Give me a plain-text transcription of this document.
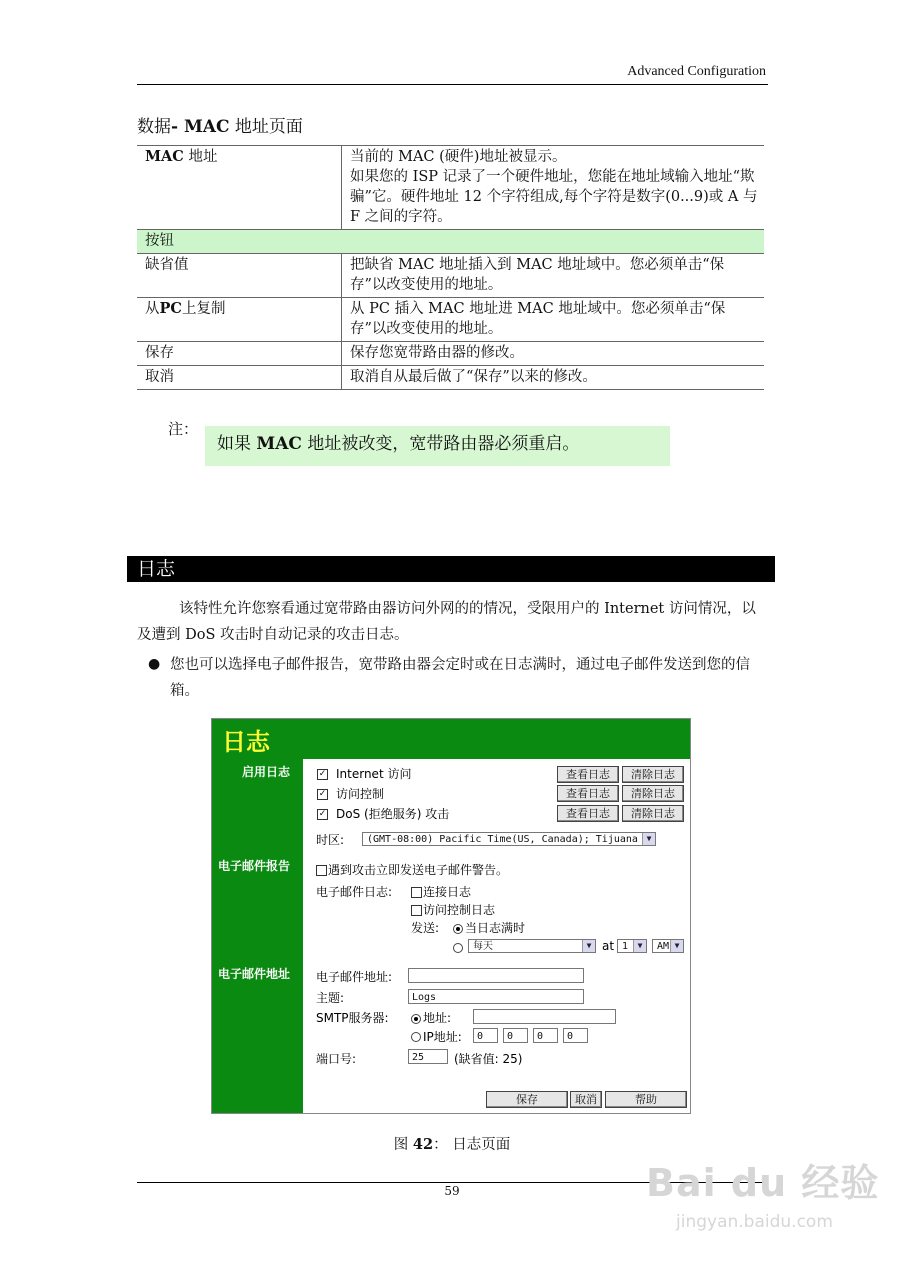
Advanced Configuration
数据- MAC 地址页面
MAC 地址	当前的 MAC (硬件)地址被显示。
如果您的 ISP 记录了一个硬件地址，您能在地址域输入地址“欺骗”它。硬件地址 12 个字符组成,每个字符是数字(0...9)或 A 与 F 之间的字符。
按钮	
缺省值	把缺省 MAC 地址插入到 MAC 地址域中。您必须单击“保存”以改变使用的地址。
从PC上复制	从 PC 插入 MAC 地址进 MAC 地址域中。您必须单击“保存”以改变使用的地址。
保存	保存您宽带路由器的修改。
取消	取消自从最后做了“保存”以来的修改。
注：
如果 MAC 地址被改变，宽带路由器必须重启。
日志
该特性允许您察看通过宽带路由器访问外网的的情况，受限用户的 Internet 访问情况，以及遭到 DoS 攻击时自动记录的攻击日志。
● 您也可以选择电子邮件报告，宽带路由器会定时或在日志满时，通过电子邮件发送到您的信箱。
日志
启用日志
电子邮件报告
电子邮件地址
✓ Internet 访问
✓ 访问控制
✓ DoS (拒绝服务) 攻击
查看日志	清除日志
查看日志	清除日志
查看日志	清除日志
时区:	(GMT-08:00) Pacific Time(US, Canada); Tijuana	▼
遇到攻击立即发送电子邮件警告。
电子邮件日志:	连接日志
访问控制日志
发送: 当日志满时
每天	▼ at 1	▼	AM ▼
电子邮件地址:
主题:	Logs
SMTP服务器:	地址:
IP地址:	0	0	0	0
端口号:	25	(缺省值: 25)
保存	取消	帮助
图 42： 日志页面
59	Bai du 经验
jingyan.baidu.com
